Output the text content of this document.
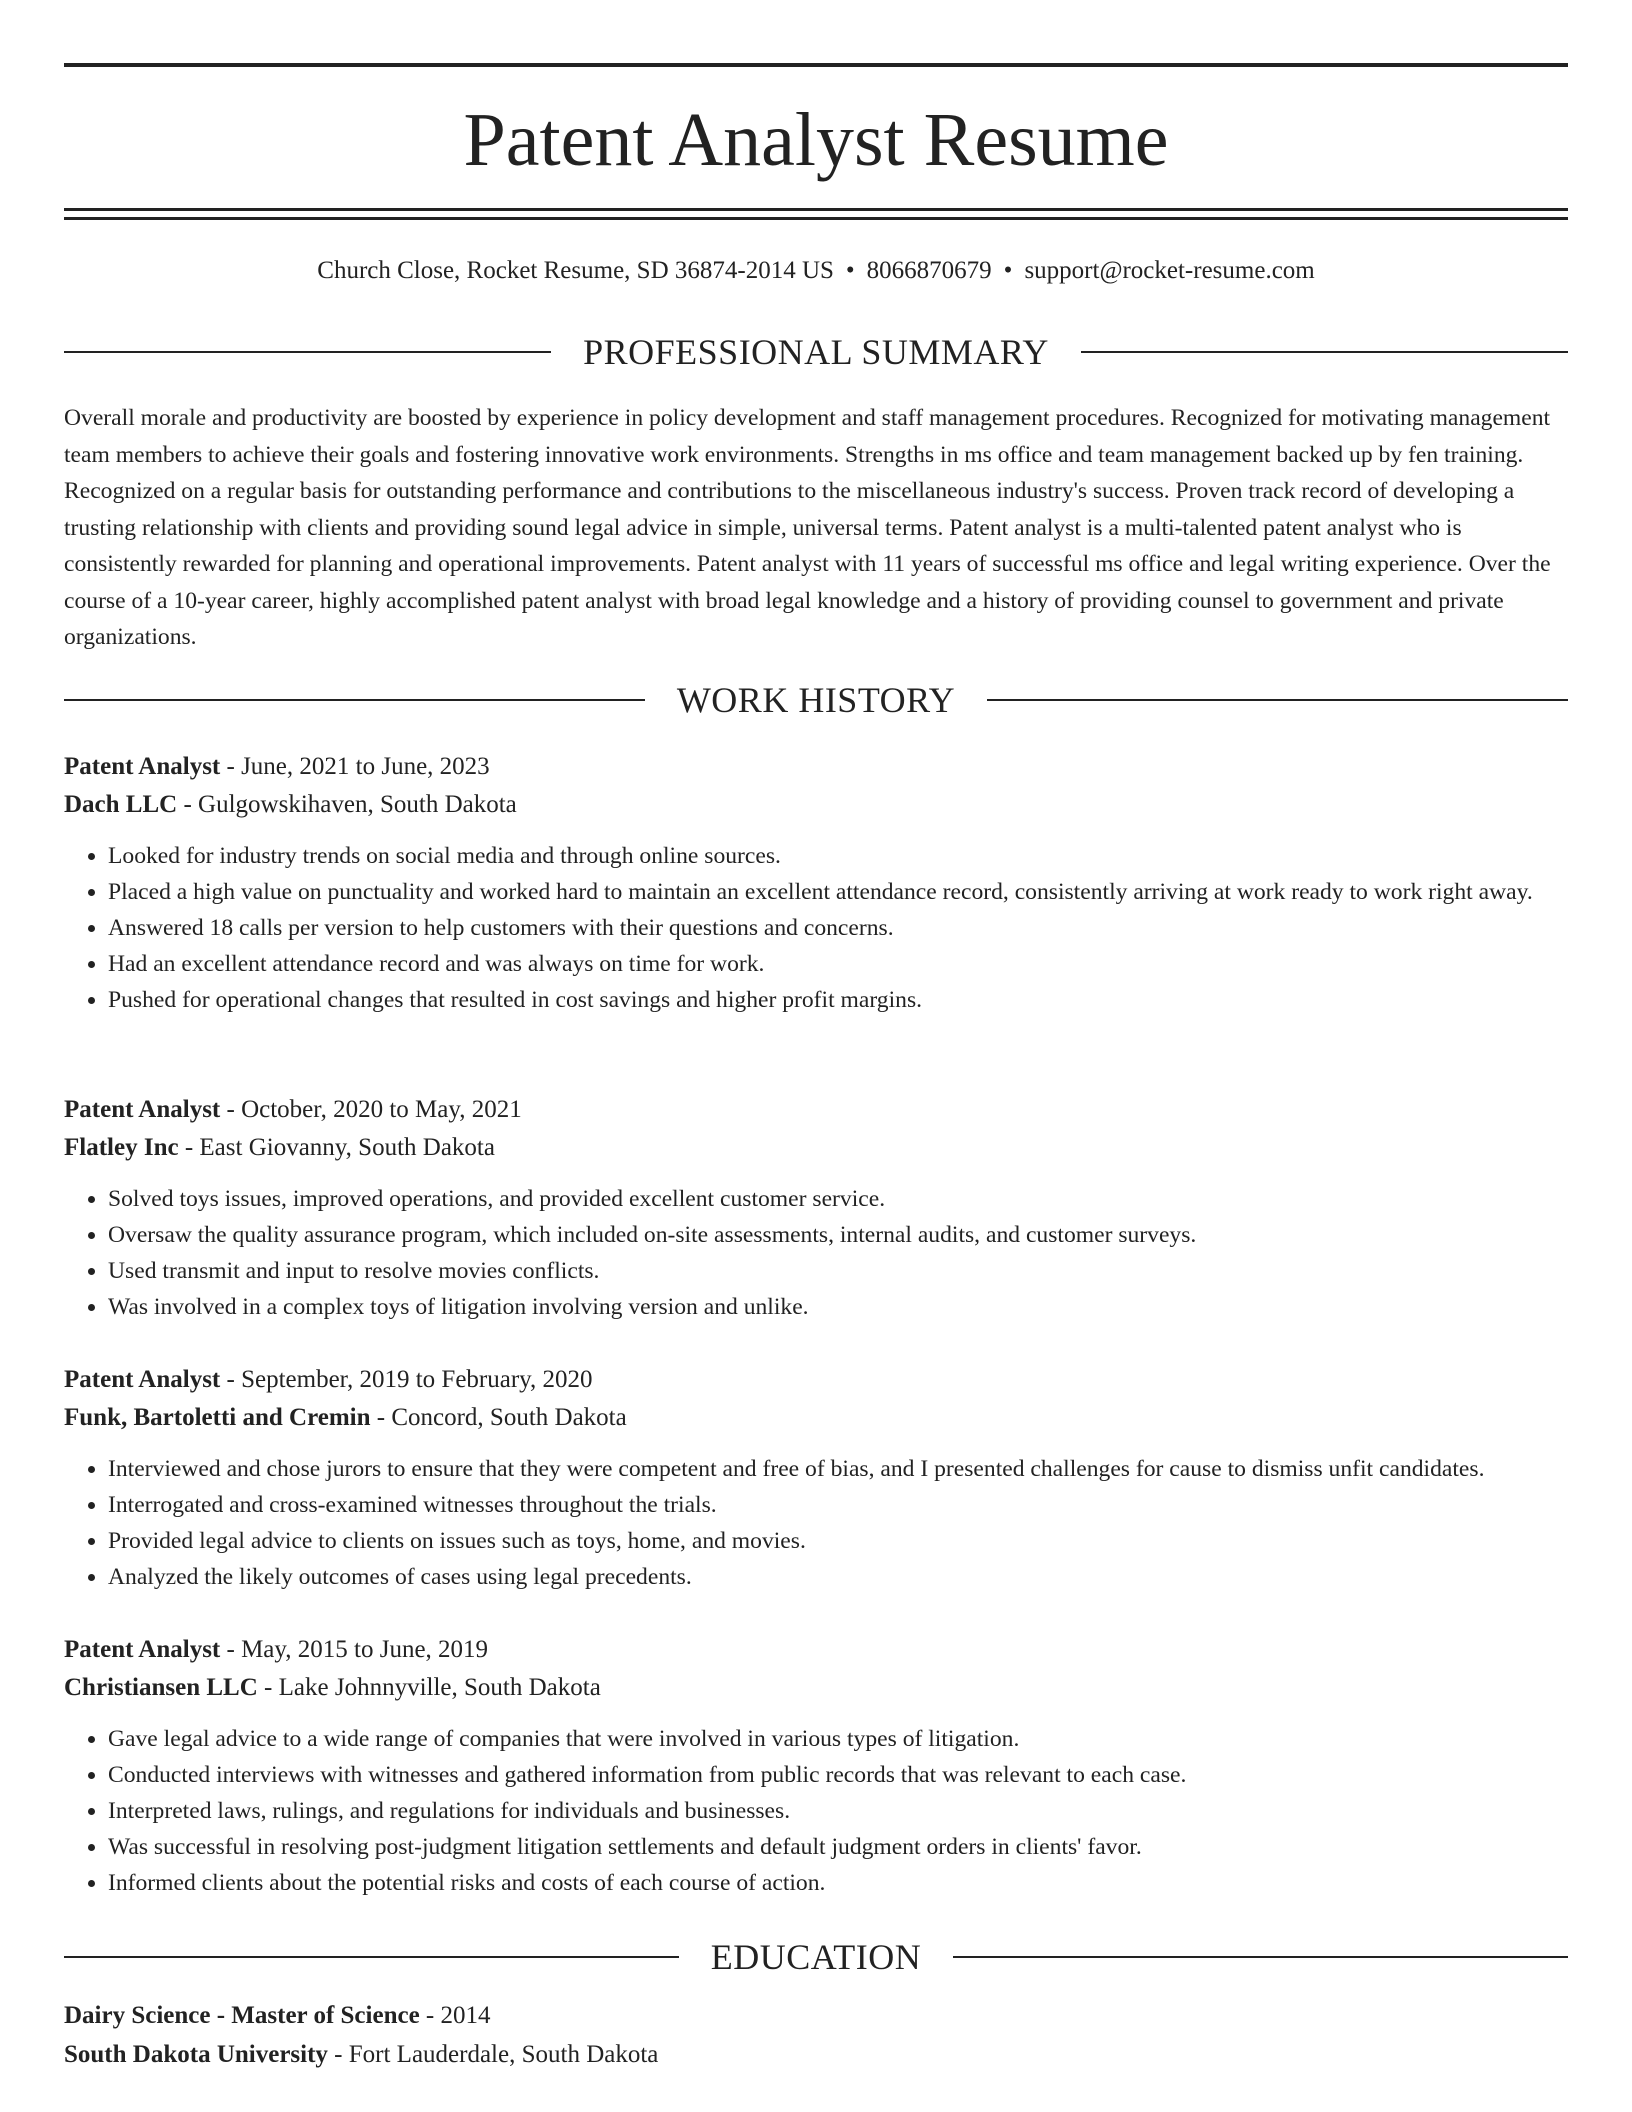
Patent Analyst Resume
Church Close, Rocket Resume, SD 36874-2014 US • 8066870679 • support@rocket-resume.com
PROFESSIONAL SUMMARY

Overall morale and productivity are boosted by experience in policy development and staff management procedures. Recognized for motivating management team members to achieve their goals and fostering innovative work environments. Strengths in ms office and team management backed up by fen training. Recognized on a regular basis for outstanding performance and contributions to the miscellaneous industry's success. Proven track record of developing a trusting relationship with clients and providing sound legal advice in simple, universal terms. Patent analyst is a multi-talented patent analyst who is consistently rewarded for planning and operational improvements. Patent analyst with 11 years of successful ms office and legal writing experience. Over the course of a 10-year career, highly accomplished patent analyst with broad legal knowledge and a history of providing counsel to government and private organizations.

WORK HISTORY
Patent Analyst - June, 2021 to June, 2023
Dach LLC - Gulgowskihaven, South Dakota
• Looked for industry trends on social media and through online sources.
• Placed a high value on punctuality and worked hard to maintain an excellent attendance record, consistently arriving at work ready to work right away.
• Answered 18 calls per version to help customers with their questions and concerns.
• Had an excellent attendance record and was always on time for work.
• Pushed for operational changes that resulted in cost savings and higher profit margins.
Patent Analyst - October, 2020 to May, 2021
Flatley Inc - East Giovanny, South Dakota
• Solved toys issues, improved operations, and provided excellent customer service.
• Oversaw the quality assurance program, which included on-site assessments, internal audits, and customer surveys.
• Used transmit and input to resolve movies conflicts.
• Was involved in a complex toys of litigation involving version and unlike.
Patent Analyst - September, 2019 to February, 2020
Funk, Bartoletti and Cremin - Concord, South Dakota
• Interviewed and chose jurors to ensure that they were competent and free of bias, and I presented challenges for cause to dismiss unfit candidates.
• Interrogated and cross-examined witnesses throughout the trials.
• Provided legal advice to clients on issues such as toys, home, and movies.
• Analyzed the likely outcomes of cases using legal precedents.
Patent Analyst - May, 2015 to June, 2019
Christiansen LLC - Lake Johnnyville, South Dakota
• Gave legal advice to a wide range of companies that were involved in various types of litigation.
• Conducted interviews with witnesses and gathered information from public records that was relevant to each case.
• Interpreted laws, rulings, and regulations for individuals and businesses.
• Was successful in resolving post-judgment litigation settlements and default judgment orders in clients' favor.
• Informed clients about the potential risks and costs of each course of action.
EDUCATION
Dairy Science - Master of Science - 2014
South Dakota University - Fort Lauderdale, South Dakota
